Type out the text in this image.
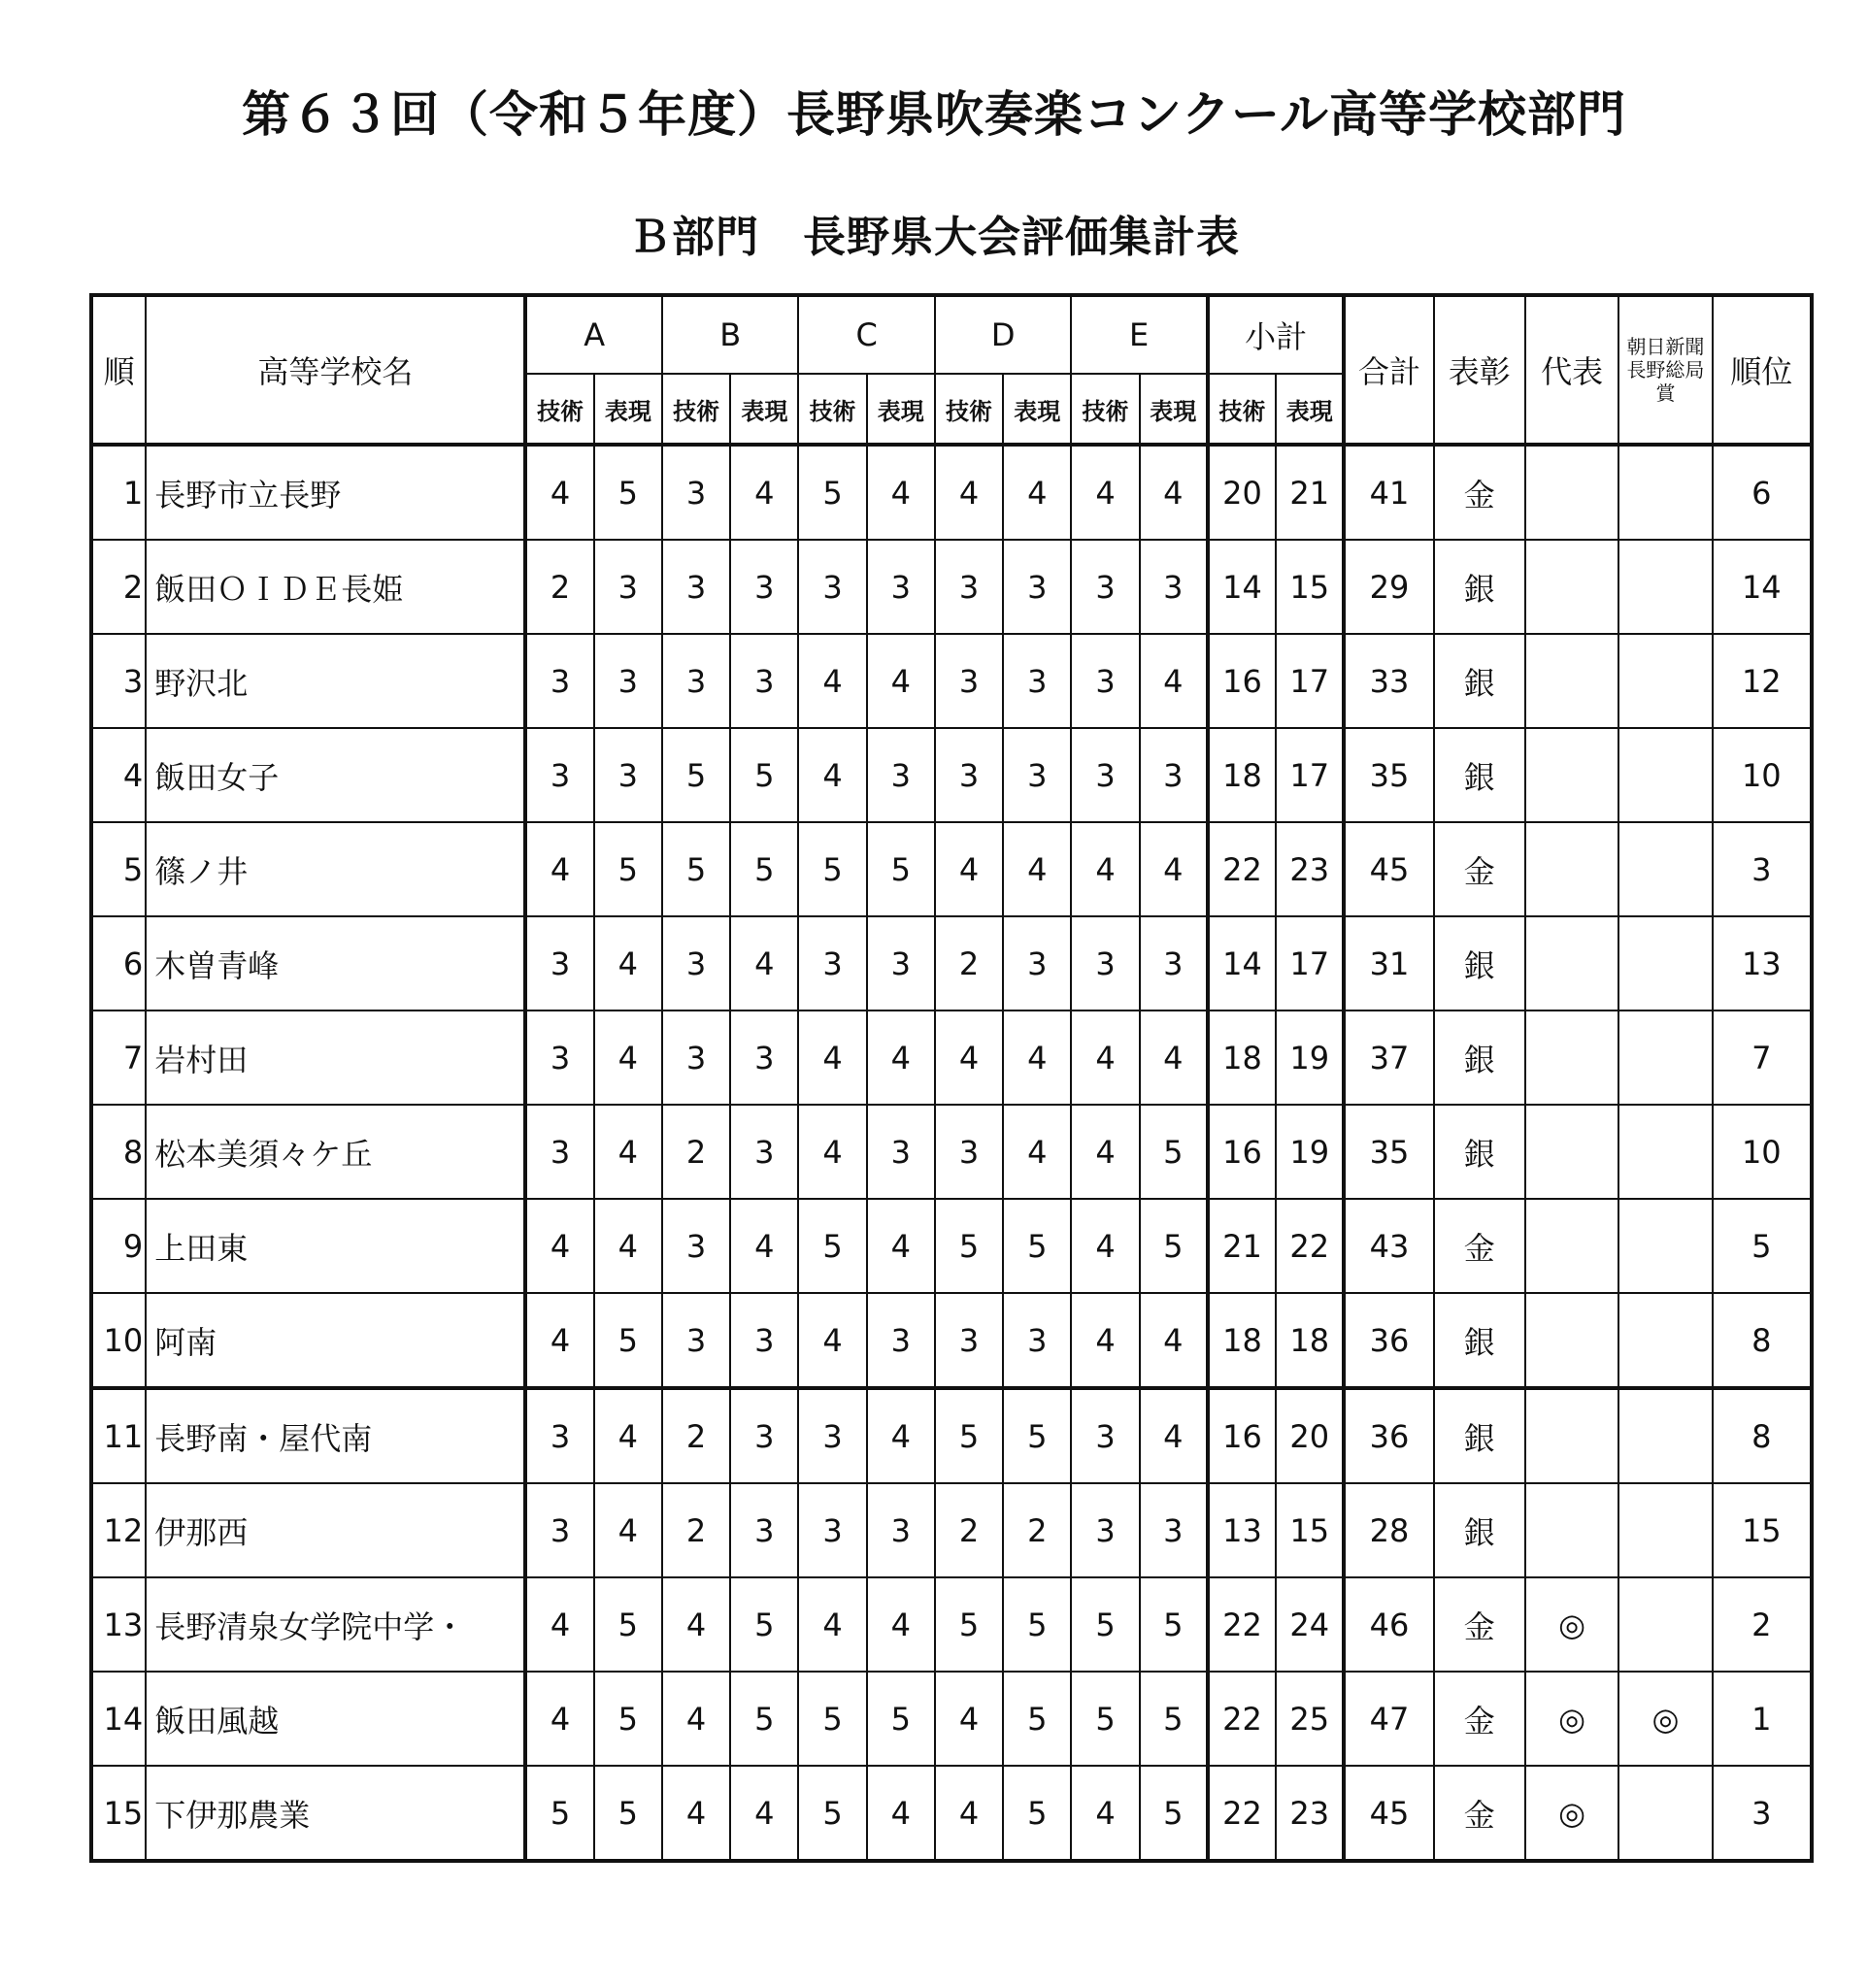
第６３回（令和５年度）長野県吹奏楽コンクール高等学校部門
Ｂ部門　長野県大会評価集計表
順	高等学校名	A		B		C		D		E		小計		合計	表彰	代表	朝日新聞長野総局賞	順位
		技術	表現	技術	表現	技術	表現	技術	表現	技術	表現	技術	表現					
1	長野市立長野	4	5	3	4	5	4	4	4	4	4	20	21	41	金			6
2	飯田ＯＩＤＥ長姫	2	3	3	3	3	3	3	3	3	3	14	15	29	銀			14
3	野沢北	3	3	3	3	4	4	3	3	3	4	16	17	33	銀			12
4	飯田女子	3	3	5	5	4	3	3	3	3	3	18	17	35	銀			10
5	篠ノ井	4	5	5	5	5	5	4	4	4	4	22	23	45	金			3
6	木曽青峰	3	4	3	4	3	3	2	3	3	3	14	17	31	銀			13
7	岩村田	3	4	3	3	4	4	4	4	4	4	18	19	37	銀			7
8	松本美須々ケ丘	3	4	2	3	4	3	3	4	4	5	16	19	35	銀			10
9	上田東	4	4	3	4	5	4	5	5	4	5	21	22	43	金			5
10	阿南	4	5	3	3	4	3	3	3	4	4	18	18	36	銀			8
11	長野南・屋代南	3	4	2	3	3	4	5	5	3	4	16	20	36	銀			8
12	伊那西	3	4	2	3	3	3	2	2	3	3	13	15	28	銀			15
13	長野清泉女学院中学・	4	5	4	5	4	4	5	5	5	5	22	24	46	金	◎		2
14	飯田風越	4	5	4	5	5	5	4	5	5	5	22	25	47	金	◎	◎	1
15	下伊那農業	5	5	4	4	5	4	4	5	4	5	22	23	45	金	◎		3
